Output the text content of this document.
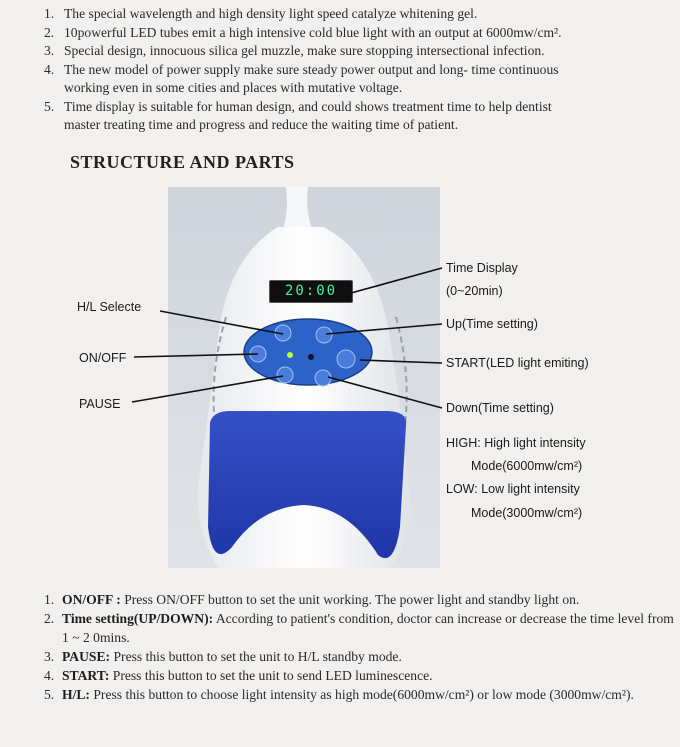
1. The special wavelength and high density light speed catalyze whitening gel.
2. 10powerful LED tubes emit a high intensive cold blue light with an output at 6000mw/cm².
3. Special design, innocuous silica gel muzzle, make sure stopping intersectional infection.
4. The new model of power supply make sure steady power output and long- time continuous
working even in some cities and places with mutative voltage.
5. Time display is suitable for human design, and could shows treatment time to help dentist
master treating time and progress and reduce the waiting time of patient.
STRUCTURE AND PARTS
20:00
Time Display
(0~20min)
H/L Selecte
ON/OFF
PAUSE
Up(Time setting)
START(LED light emiting)
Down(Time setting)
HIGH: High light intensity
Mode(6000mw/cm²)
LOW: Low light intensity
Mode(3000mw/cm²)
1. ON/OFF : Press ON/OFF button to set the unit working. The power light and standby light on.
2. Time setting(UP/DOWN): According to patient's condition, doctor can increase or decrease the time level from 1 ~ 2 0mins.
3. PAUSE: Press this button to set the unit to H/L standby mode.
4. START: Press this button to set the unit to send LED luminescence.
5. H/L: Press this button to choose light intensity as high mode(6000mw/cm²) or low mode (3000mw/cm²).
